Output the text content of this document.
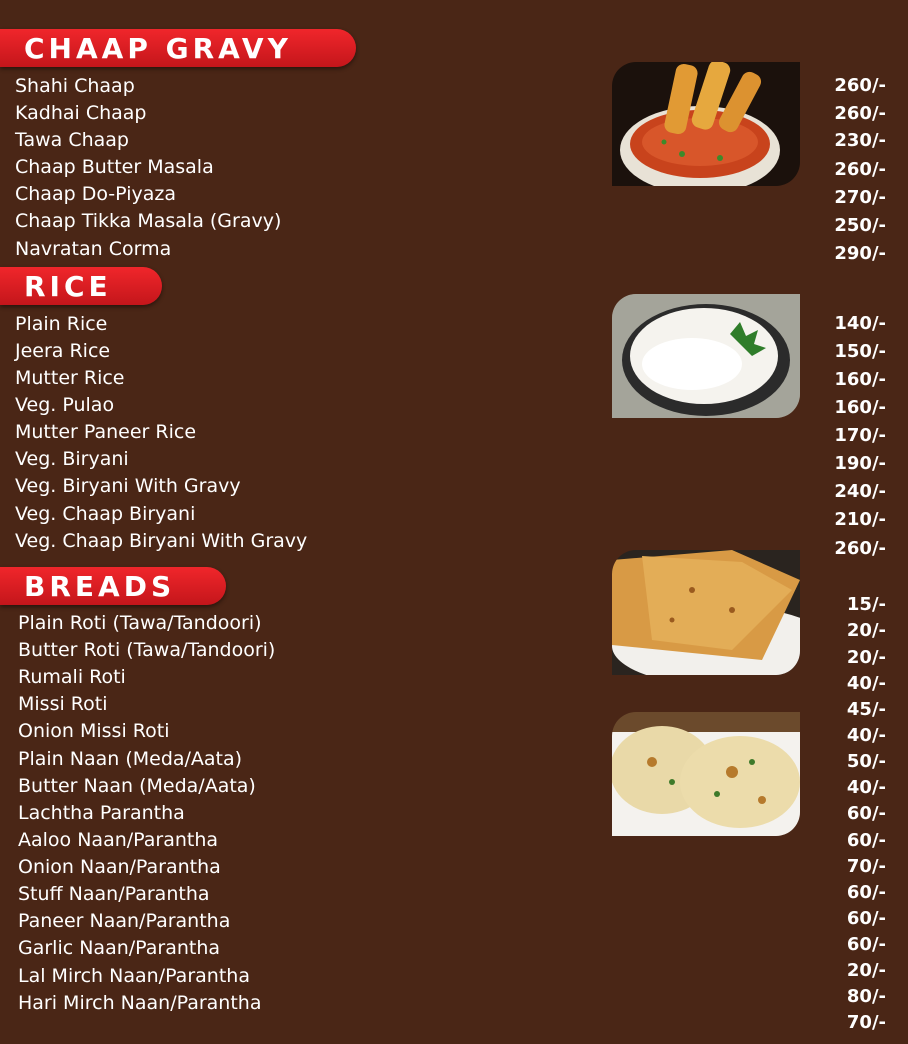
CHAAP GRAVY
RICE
BREADS
Shahi Chaap
Kadhai Chaap
Tawa Chaap
Chaap Butter Masala
Chaap Do-Piyaza
Chaap Tikka Masala (Gravy)
Navratan Corma
260/-
260/-
230/-
260/-
270/-
250/-
290/-
Plain Rice
Jeera Rice
Mutter Rice
Veg. Pulao
Mutter Paneer Rice
Veg. Biryani
Veg. Biryani With Gravy
Veg. Chaap Biryani
Veg. Chaap Biryani With Gravy
140/-
150/-
160/-
160/-
170/-
190/-
240/-
210/-
260/-
Plain Roti (Tawa/Tandoori)
Butter Roti (Tawa/Tandoori)
Rumali Roti
Missi Roti
Onion Missi Roti
Plain Naan (Meda/Aata)
Butter Naan (Meda/Aata)
Lachtha Parantha
Aaloo Naan/Parantha
Onion Naan/Parantha
Stuff Naan/Parantha
Paneer Naan/Parantha
Garlic Naan/Parantha
Lal Mirch Naan/Parantha
Hari Mirch Naan/Parantha
15/-
20/-
20/-
40/-
45/-
40/-
50/-
40/-
60/-
60/-
70/-
60/-
60/-
60/-
20/-
80/-
70/-
